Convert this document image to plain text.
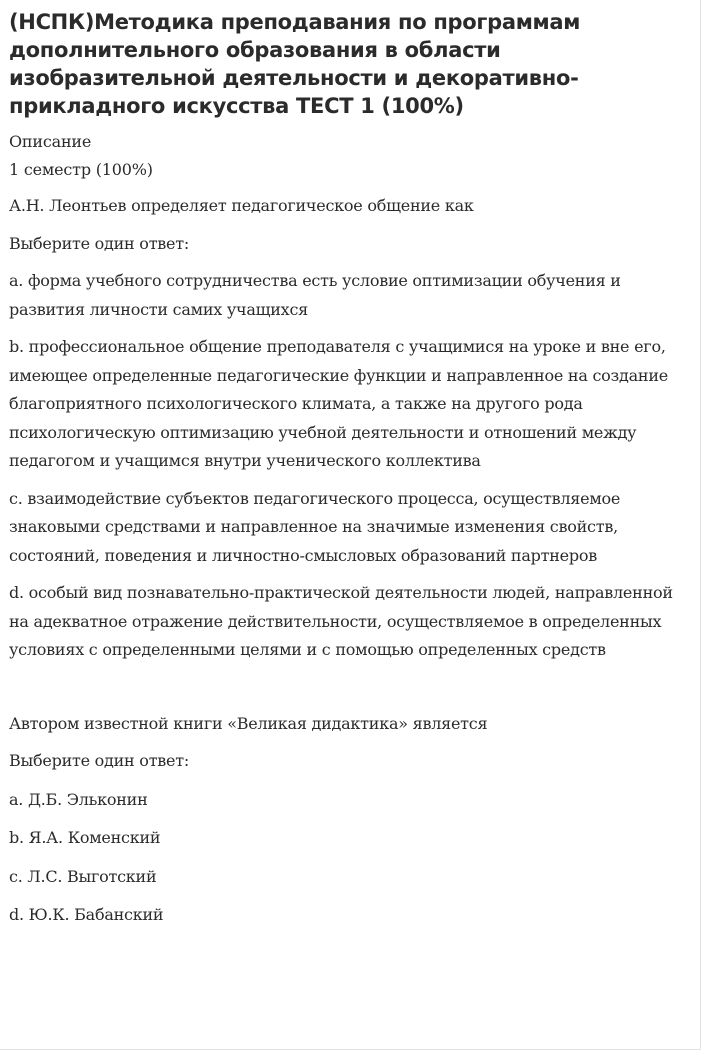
(НСПК)Методика преподавания по программам дополнительного образования в области изобразительной деятельности и декоративно-прикладного искусства ТЕСТ 1 (100%)
Описание
1 семестр (100%)

А.Н. Леонтьев определяет педагогическое общение как

Выберите один ответ:

a. форма учебного сотрудничества есть условие оптимизации обучения и развития личности самих учащихся

b. профессиональное общение преподавателя с учащимися на уроке и вне его, имеющее определенные педагогические функции и направленное на создание благоприятного психологического климата, а также на другого рода психологическую оптимизацию учебной деятельности и отношений между педагогом и учащимся внутри ученического коллектива

c. взаимодействие субъектов педагогического процесса, осуществляемое знаковыми средствами и направленное на значимые изменения свойств, состояний, поведения и личностно-смысловых образований партнеров

d. особый вид познавательно-практической деятельности людей, направленной на адекватное отражение действительности, осуществляемое в определенных условиях с определенными целями и с помощью определенных средств

Автором известной книги «Великая дидактика» является

Выберите один ответ:

a. Д.Б. Эльконин

b. Я.А. Коменский

c. Л.С. Выготский

d. Ю.К. Бабанский
